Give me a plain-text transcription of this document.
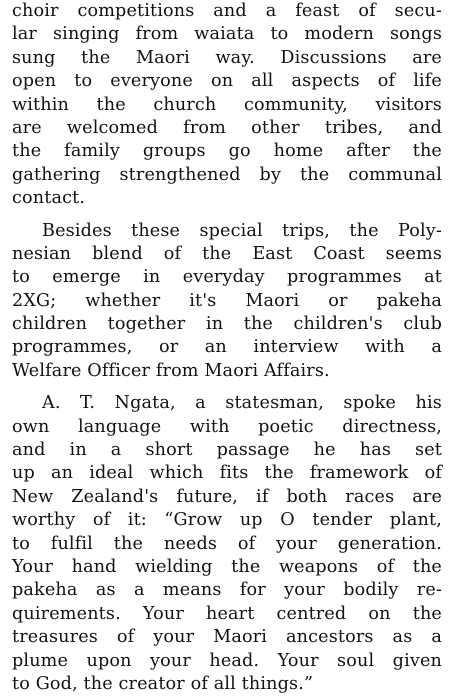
choir competitions and a feast of secu-
lar singing from waiata to modern songs
sung the Maori way. Discussions are
open to everyone on all aspects of life
within the church community, visitors
are welcomed from other tribes, and
the family groups go home after the
gathering strengthened by the communal
contact.
Besides these special trips, the Poly-
nesian blend of the East Coast seems
to emerge in everyday programmes at
2XG; whether it's Maori or pakeha
children together in the children's club
programmes, or an interview with a
Welfare Officer from Maori Affairs.
A. T. Ngata, a statesman, spoke his
own language with poetic directness,
and in a short passage he has set
up an ideal which fits the framework of
New Zealand's future, if both races are
worthy of it: “Grow up O tender plant,
to fulfil the needs of your generation.
Your hand wielding the weapons of the
pakeha as a means for your bodily re-
quirements. Your heart centred on the
treasures of your Maori ancestors as a
plume upon your head. Your soul given
to God, the creator of all things.”
